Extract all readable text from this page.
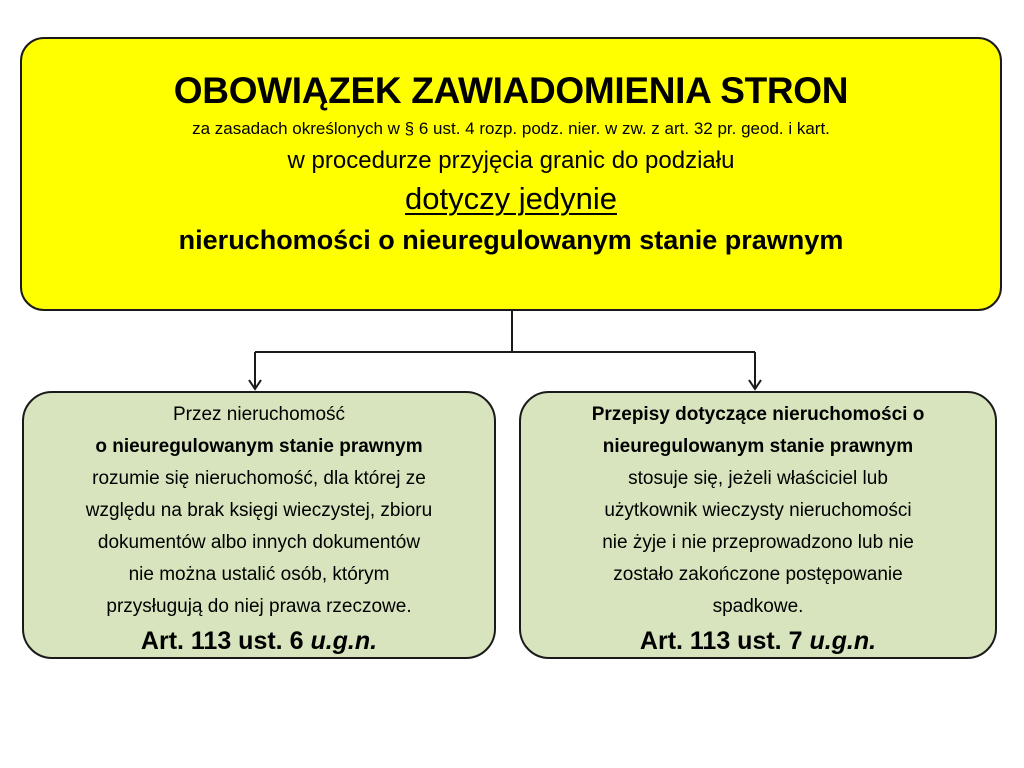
OBOWIĄZEK ZAWIADOMIENIA STRON
za zasadach określonych w § 6 ust. 4 rozp. podz. nier. w zw. z art. 32 pr. geod. i kart.
w procedurze przyjęcia granic do podziału
dotyczy jedynie
nieruchomości o nieuregulowanym stanie prawnym
Przez nieruchomość
o nieuregulowanym stanie prawnym
rozumie się nieruchomość, dla której ze
względu na brak księgi wieczystej, zbioru
dokumentów albo innych dokumentów
nie można ustalić osób, którym
przysługują do niej prawa rzeczowe.
Art. 113 ust. 6 u.g.n.
Przepisy dotyczące nieruchomości o
nieuregulowanym stanie prawnym
stosuje się, jeżeli właściciel lub
użytkownik wieczysty nieruchomości
nie żyje i nie przeprowadzono lub nie
zostało zakończone postępowanie
spadkowe.
Art. 113 ust. 7 u.g.n.
